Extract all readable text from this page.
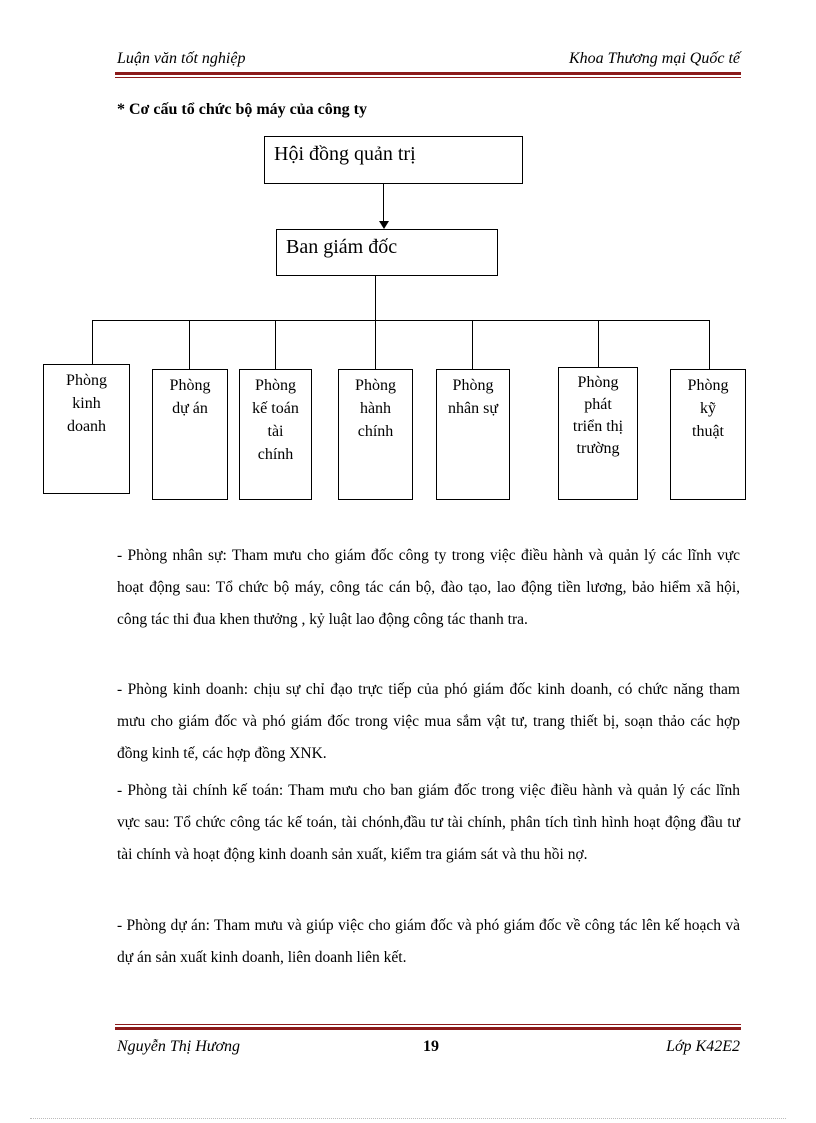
Luận văn tốt nghiệp	Khoa Thương mại Quốc tế
* Cơ cấu tổ chức bộ máy của công ty
Hội đồng quản trị
Ban giám đốc
Phòng kinh doanh
Phòng dự án
Phòng kế toán tài chính
Phòng hành chính
Phòng nhân sự
Phòng phát triển thị trường
Phòng kỹ thuật
- Phòng nhân sự: Tham mưu cho giám đốc công ty trong việc điều hành và quản lý các lĩnh vực hoạt động sau: Tổ chức bộ máy, công tác cán bộ, đào tạo, lao động tiền lương, bảo hiểm xã hội, công tác thi đua khen thưởng , kỷ luật lao động công tác thanh tra.
- Phòng kinh doanh: chịu sự chỉ đạo trực tiếp của phó giám đốc kinh doanh, có chức năng tham mưu cho giám đốc và phó giám đốc trong việc mua sắm vật tư, trang thiết bị, soạn thảo các hợp đồng kinh tế, các hợp đồng XNK.
- Phòng tài chính kế toán: Tham mưu cho ban giám đốc trong việc điều hành và quản lý các lĩnh vực sau: Tổ chức công tác kế toán, tài chónh,đầu tư tài chính, phân tích tình hình hoạt động đầu tư tài chính và hoạt động kinh doanh sản xuất, kiểm tra giám sát và thu hồi nợ.
- Phòng dự án: Tham mưu và giúp việc cho giám đốc và phó giám đốc về công tác lên kế hoạch và dự án sản xuất kinh doanh, liên doanh liên kết.
Nguyễn Thị Hương	19	Lớp K42E2
